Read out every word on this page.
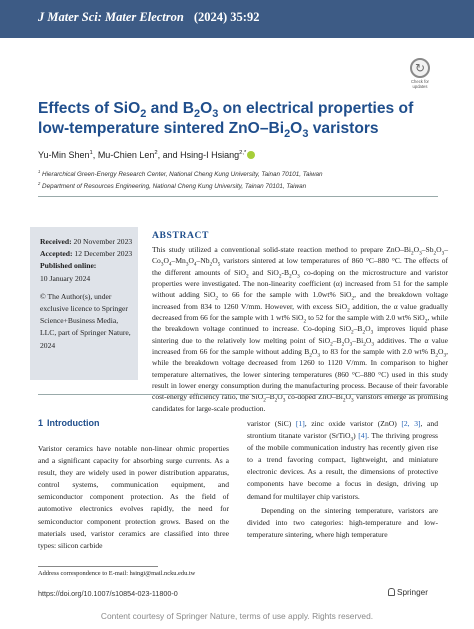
J Mater Sci: Mater Electron (2024) 35:92
↻
Check for updates
Effects of SiO$_2$ and $B_2O_3$ on electrical properties of low-temperature sintered ZnO–$Bi_2O_3$ varistors
Yu-Min Shen$^1$, Mu-Chien Len$^2$, and Hsing-I Hsiang$^{2,*}$
$^1$ Hierarchical Green-Energy Research Center, National Cheng Kung University, Tainan 70101, Taiwan
$^2$ Department of Resources Engineering, National Cheng Kung University, Tainan 70101, Taiwan
Received: 20 November 2023
Accepted: 12 December 2023
Published online:
10 January 2024
© The Author(s), under exclusive licence to Springer Science+Business Media, LLC, part of Springer Nature, 2024
ABSTRACT

This study utilized a conventional solid-state reaction method to prepare ZnO–$Bi_2O_3-Sb_2O_3-Co_3O_4-Mn_3O_4-Nb_2O_5$ varistors sintered at low temperatures of 860 °C–880 °C. The effects of the different amounts of SiO$_2$ and $SiO_2-B_2O_3$ co-doping on the microstructure and varistor properties were investigated. The non-linearity coefficient (α) increased from 51 for the sample without adding SiO$_2$ to 66 for the sample with 1.0wt% SiO$_2$, and the breakdown voltage increased from 834 to 1260 V/mm. However, with excess SiO$_2$ addition, the α value gradually decreased from 66 for the sample with 1 wt% SiO$_2$ to 52 for the sample with 2.0 wt% SiO$_2$, while the breakdown voltage continued to increase. Co-doping $SiO_2-B_2O_3$ improves liquid phase sintering due to the relatively low melting point of $SiO_2-B_2O_3-Bi_2O_3$ additives. The α value increased from 66 for the sample without adding $B_2O_3$ to 83 for the sample with 2.0 wt% $B_2O_3$, while the breakdown voltage decreased from 1260 to 1120 V/mm. In comparison to higher temperature alternatives, the lower sintering temperatures (860 °C–880 °C) used in this study result in lower energy consumption during the manufacturing process. Because of their favorable cost-energy efficiency ratio, the $SiO_2-B_2O_3$ co-doped ZnO–$Bi_2O_3$ varistors emerge as promising candidates for large-scale production.

1 Introduction

Varistor ceramics have notable non-linear ohmic properties and a significant capacity for absorbing surge currents. As a result, they are widely used in power distribution apparatus, control systems, communication equipment, and semiconductor component protection. As the field of automotive electronics evolves rapidly, the need for semiconductor component protection grows. Based on the materials used, varistor ceramics are classified into three types: silicon carbide

varistor (SiC) [1], zinc oxide varistor (ZnO) [2, 3], and strontium titanate varistor (SrTiO$_3$) [4]. The thriving progress of the mobile communication industry has recently given rise to a trend favoring compact, lightweight, and miniature electronic devices. As a result, the dimensions of protective components have become a focus in design, driving up demand for multilayer chip varistors.

Depending on the sintering temperature, varistors are divided into two categories: high-temperature and low-temperature sintering, where high temperature

Address correspondence to E-mail: hsingi@mail.ncku.edu.tw
https://doi.org/10.1007/s10854-023-11800-0	Springer
Content courtesy of Springer Nature, terms of use apply. Rights reserved.
